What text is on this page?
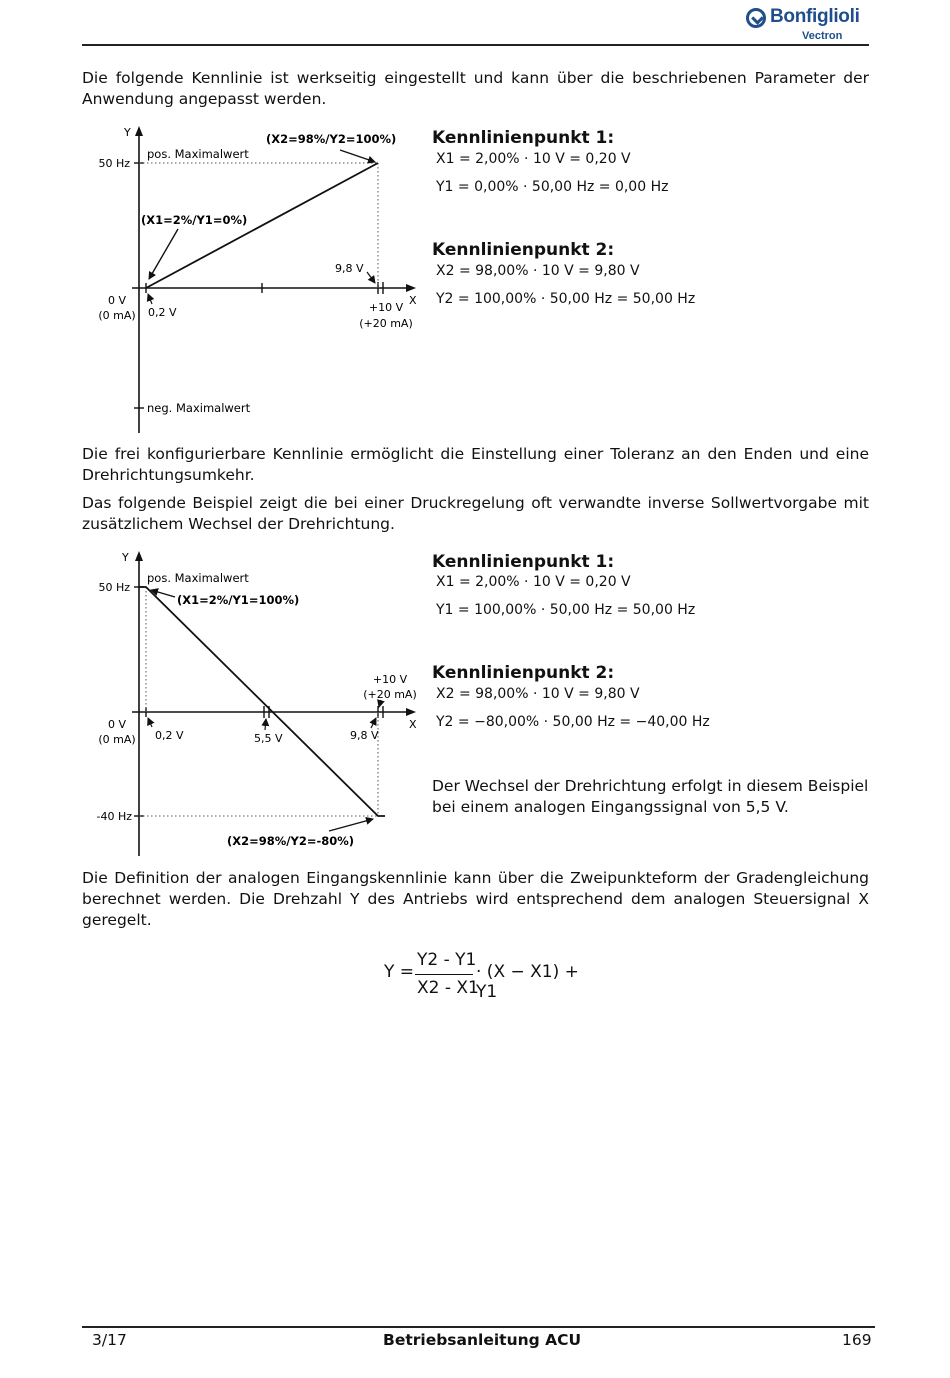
Bonfiglioli
Vectron
Die folgende Kennlinie ist werkseitig eingestellt und kann über die beschriebenen Parameter der Anwendung angepasst werden.
Y
X
50 Hz
pos. Maximalwert
neg. Maximalwert
(X2=98%/Y2=100%)
(X1=2%/Y1=0%)
9,8 V
0 V
(0 mA) 0,2 V	+10 V
(+20 mA)
Kennlinienpunkt 1:
X1 = 2,00% · 10 V = 0,20 V
Y1 = 0,00% · 50,00 Hz = 0,00 Hz
Kennlinienpunkt 2:
X2 = 98,00% · 10 V = 9,80 V
Y2 = 100,00% · 50,00 Hz = 50,00 Hz
Die frei konfigurierbare Kennlinie ermöglicht die Einstellung einer Toleranz an den Enden und eine Drehrichtungsumkehr.
Das folgende Beispiel zeigt die bei einer Druckregelung oft verwandte inverse Sollwertvorgabe mit zusätzlichem Wechsel der Drehrichtung.
Y
X
50 Hz
-40 Hz
pos. Maximalwert
(X1=2%/Y1=100%)
(X2=98%/Y2=-80%)
+10 V
(+20 mA)
0 V
(0 mA) 0,2 V	5,5 V	9,8 V
Kennlinienpunkt 1:
X1 = 2,00% · 10 V = 0,20 V
Y1 = 100,00% · 50,00 Hz = 50,00 Hz
Kennlinienpunkt 2:
X2 = 98,00% · 10 V = 9,80 V
Y2 = −80,00% · 50,00 Hz = −40,00 Hz
Der Wechsel der Drehrichtung erfolgt in diesem Beispiel bei einem analogen Eingangssignal von 5,5 V.
Die Definition der analogen Eingangskennlinie kann über die Zweipunkteform der Gradengleichung berechnet werden. Die Drehzahl Y des Antriebs wird entsprechend dem analogen Steuersignal X geregelt.
Y =
Y2 - Y1
X2 - X1
· (X − X1) + Y1
3/17	Betriebsanleitung ACU	169
